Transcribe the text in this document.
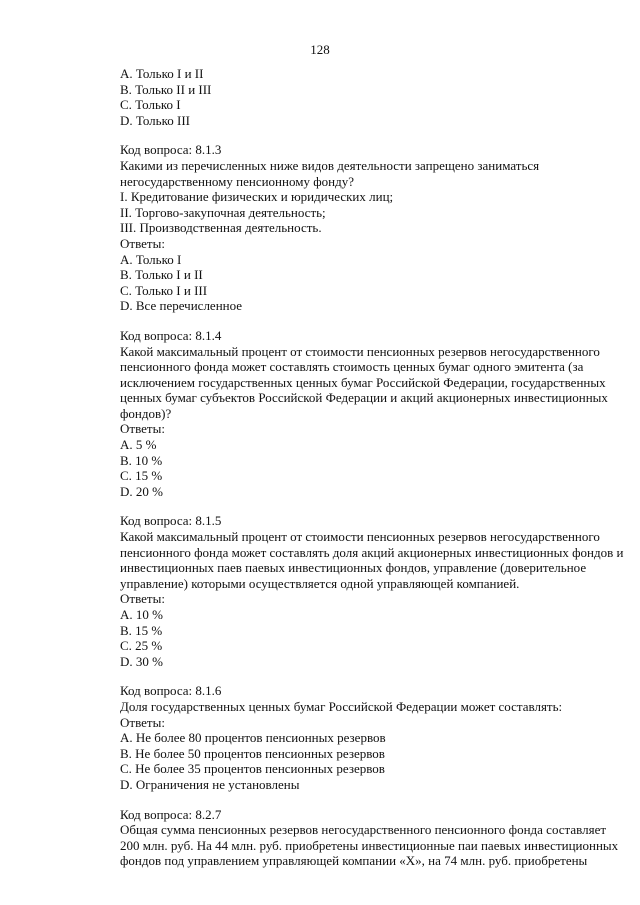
128
A. Только I и II
B. Только II и III
C. Только I
D. Только III
Код вопроса: 8.1.3
Какими из перечисленных ниже видов деятельности запрещено заниматься
негосударственному пенсионному фонду?
I. Кредитование физических и юридических лиц;
II. Торгово-закупочная деятельность;
III. Производственная деятельность.
Ответы:
A. Только I
B. Только I и II
C. Только I и III
D. Все перечисленное
Код вопроса: 8.1.4
Какой максимальный процент от стоимости пенсионных резервов негосударственного
пенсионного фонда может составлять стоимость ценных бумаг одного эмитента (за
исключением государственных ценных бумаг Российской Федерации, государственных
ценных бумаг субъектов Российской Федерации и акций акционерных инвестиционных
фондов)?
Ответы:
A. 5 %
B. 10 %
C. 15 %
D. 20 %
Код вопроса: 8.1.5
Какой максимальный процент от стоимости пенсионных резервов негосударственного
пенсионного фонда может составлять доля акций акционерных инвестиционных фондов и
инвестиционных паев паевых инвестиционных фондов, управление (доверительное
управление) которыми осуществляется одной управляющей компанией.
Ответы:
A. 10 %
B. 15 %
C. 25 %
D. 30 %
Код вопроса: 8.1.6
Доля государственных ценных бумаг Российской Федерации может составлять:
Ответы:
A. Не более 80 процентов пенсионных резервов
B. Не более 50 процентов пенсионных резервов
C. Не более 35 процентов пенсионных резервов
D. Ограничения не установлены
Код вопроса: 8.2.7
Общая сумма пенсионных резервов негосударственного пенсионного фонда составляет
200 млн. руб. На 44 млн. руб. приобретены инвестиционные паи паевых инвестиционных
фондов под управлением управляющей компании «X», на 74 млн. руб. приобретены
